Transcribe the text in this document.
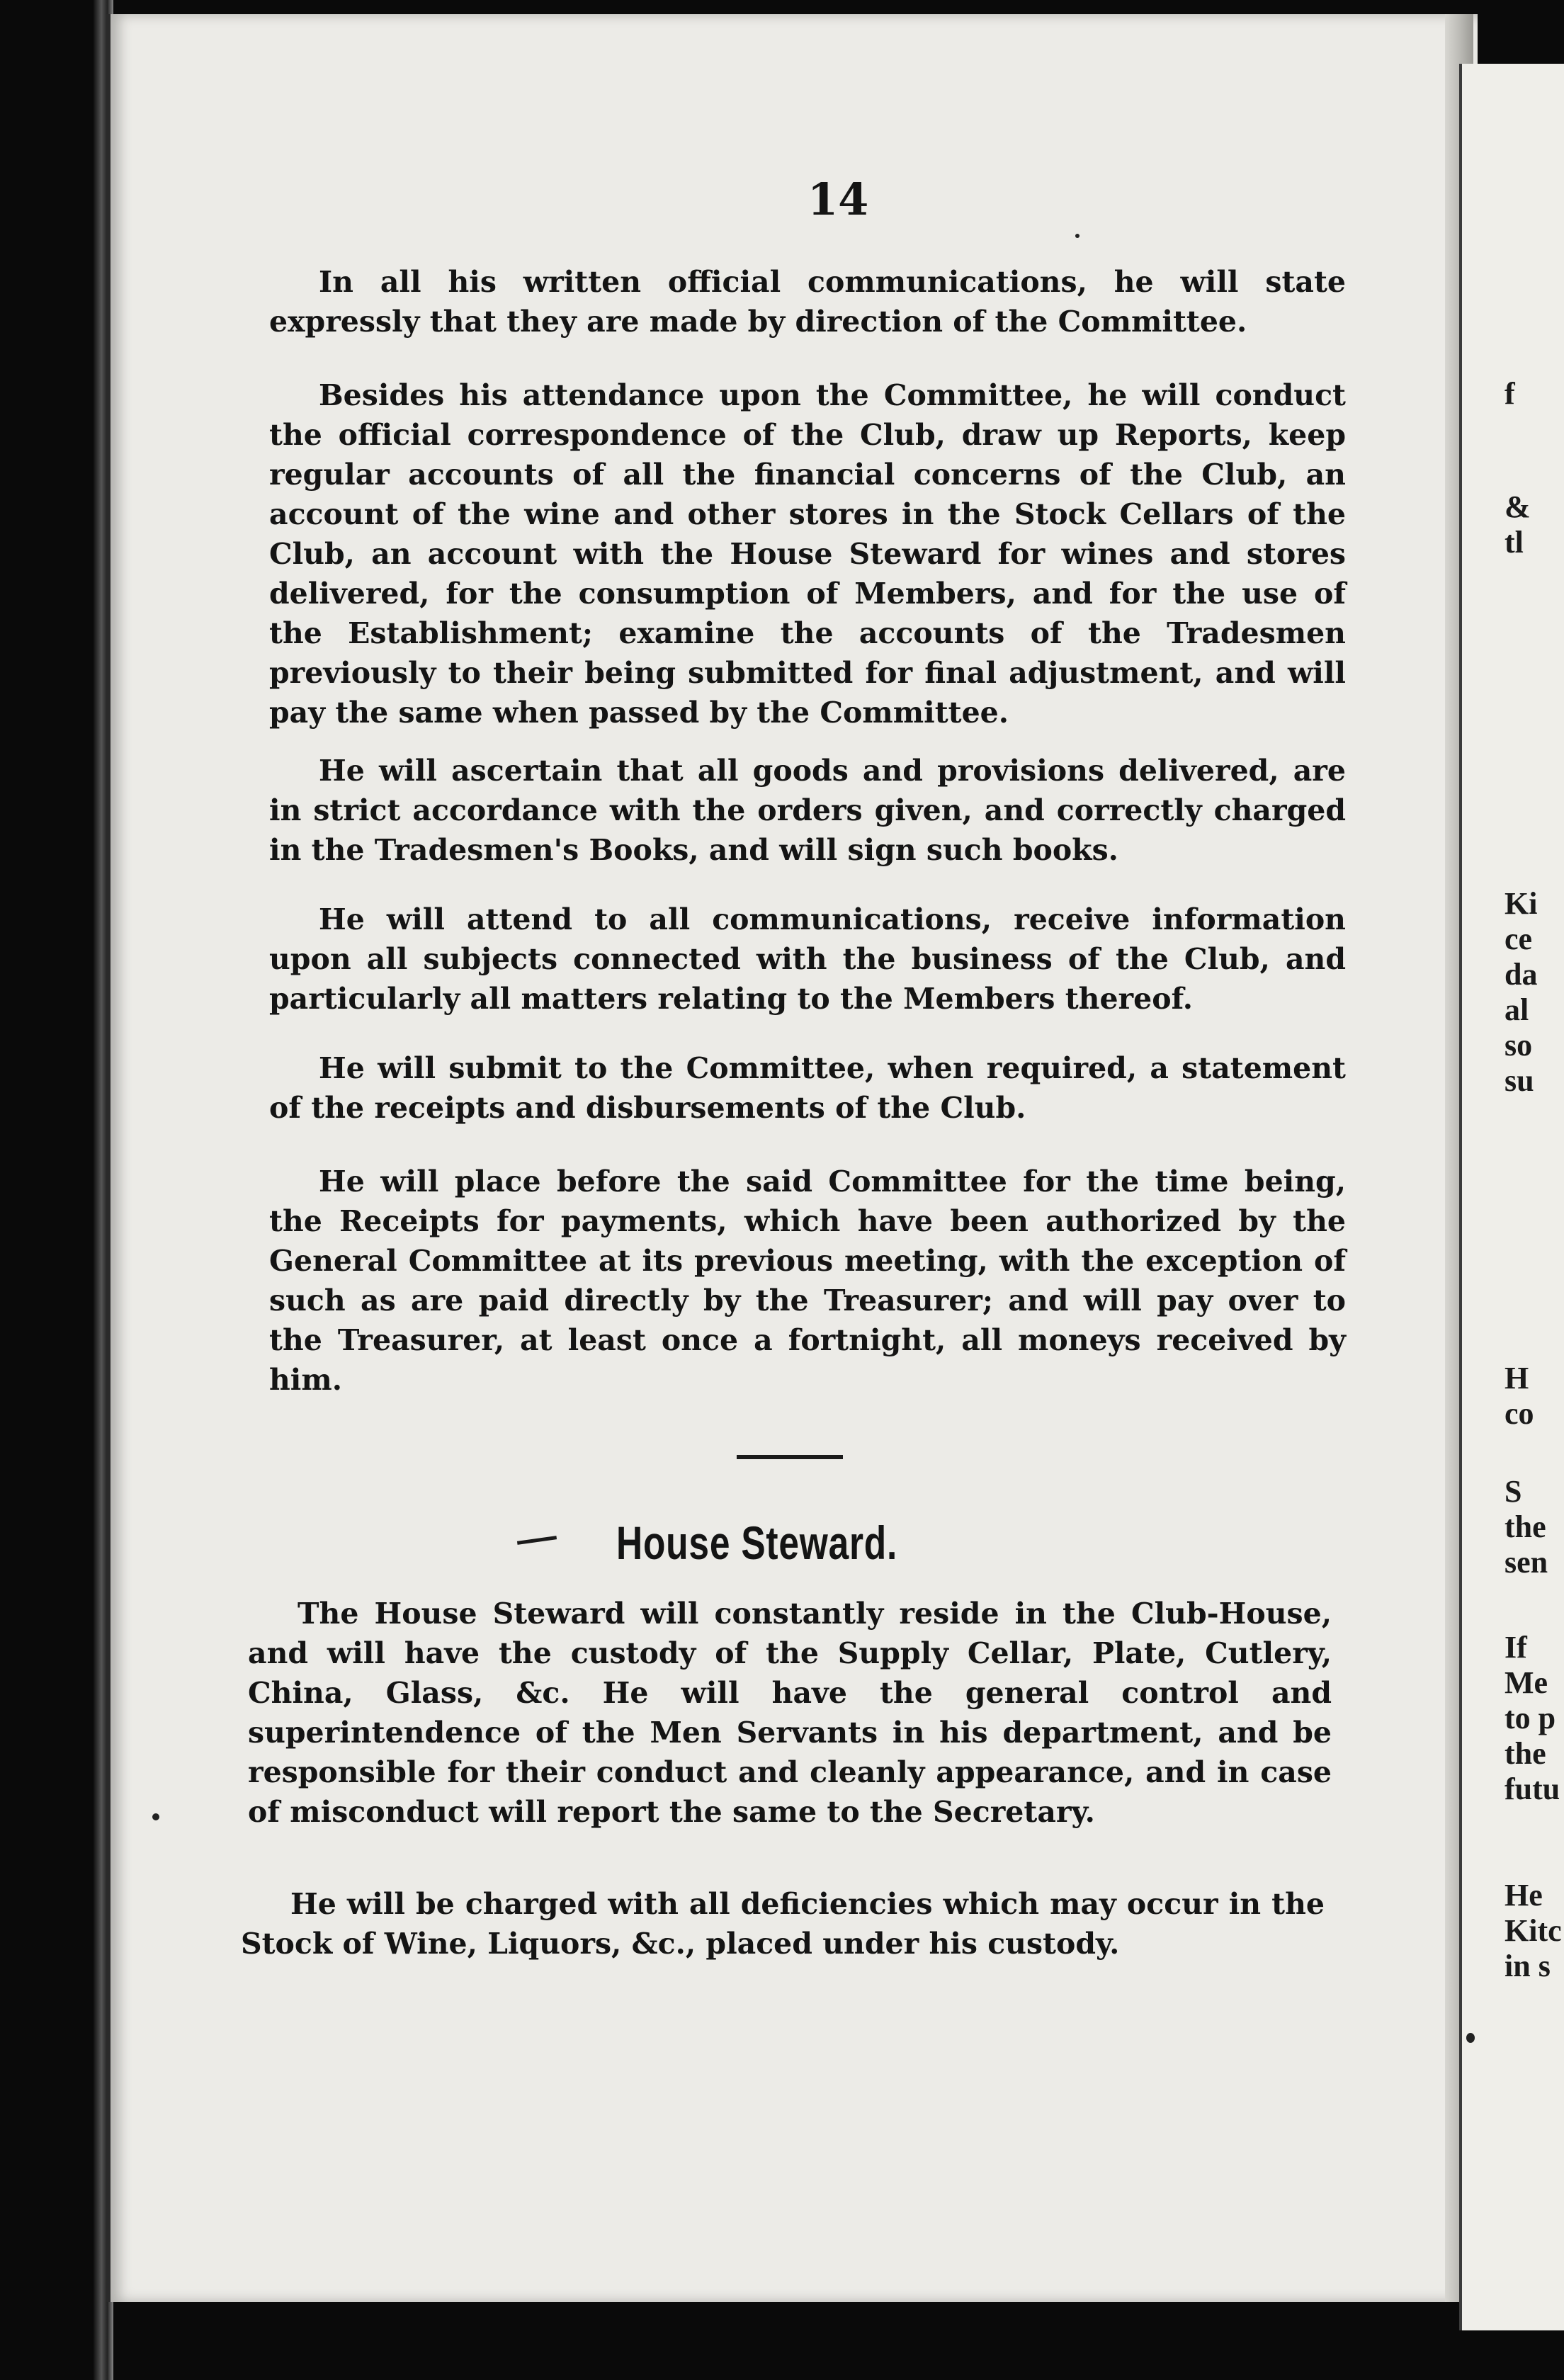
f
&
tl
Ki
ce
da
al
so
su
H
co
S
the
sen
If
Me
to p
the
futu
He
Kitc
in s
14

In all his written official communications, he will state expressly that they are made by direction of the Committee.

Besides his attendance upon the Committee, he will conduct the official correspondence of the Club, draw up Reports, keep regular accounts of all the financial concerns of the Club, an account of the wine and other stores in the Stock Cellars of the Club, an account with the House Steward for wines and stores delivered, for the consumption of Members, and for the use of the Establishment; examine the accounts of the Tradesmen previously to their being submitted for final adjustment, and will pay the same when passed by the Committee.

He will ascertain that all goods and provisions delivered, are in strict accordance with the orders given, and correctly charged in the Tradesmen's Books, and will sign such books.

He will attend to all communications, receive information upon all subjects connected with the business of the Club, and particularly all matters relating to the Members thereof.

He will submit to the Committee, when required, a statement of the receipts and disbursements of the Club.

He will place before the said Committee for the time being, the Receipts for payments, which have been authorized by the General Committee at its previous meeting, with the exception of such as are paid directly by the Treasurer; and will pay over to the Treasurer, at least once a fortnight, all moneys received by him.

House Steward.

The House Steward will constantly reside in the Club-House, and will have the custody of the Supply Cellar, Plate, Cutlery, China, Glass, &c. He will have the general control and superintendence of the Men Servants in his department, and be responsible for their conduct and cleanly appearance, and in case of misconduct will report the same to the Secretary.

He will be charged with all deficiencies which may occur in the Stock of Wine, Liquors, &c., placed under his custody.
